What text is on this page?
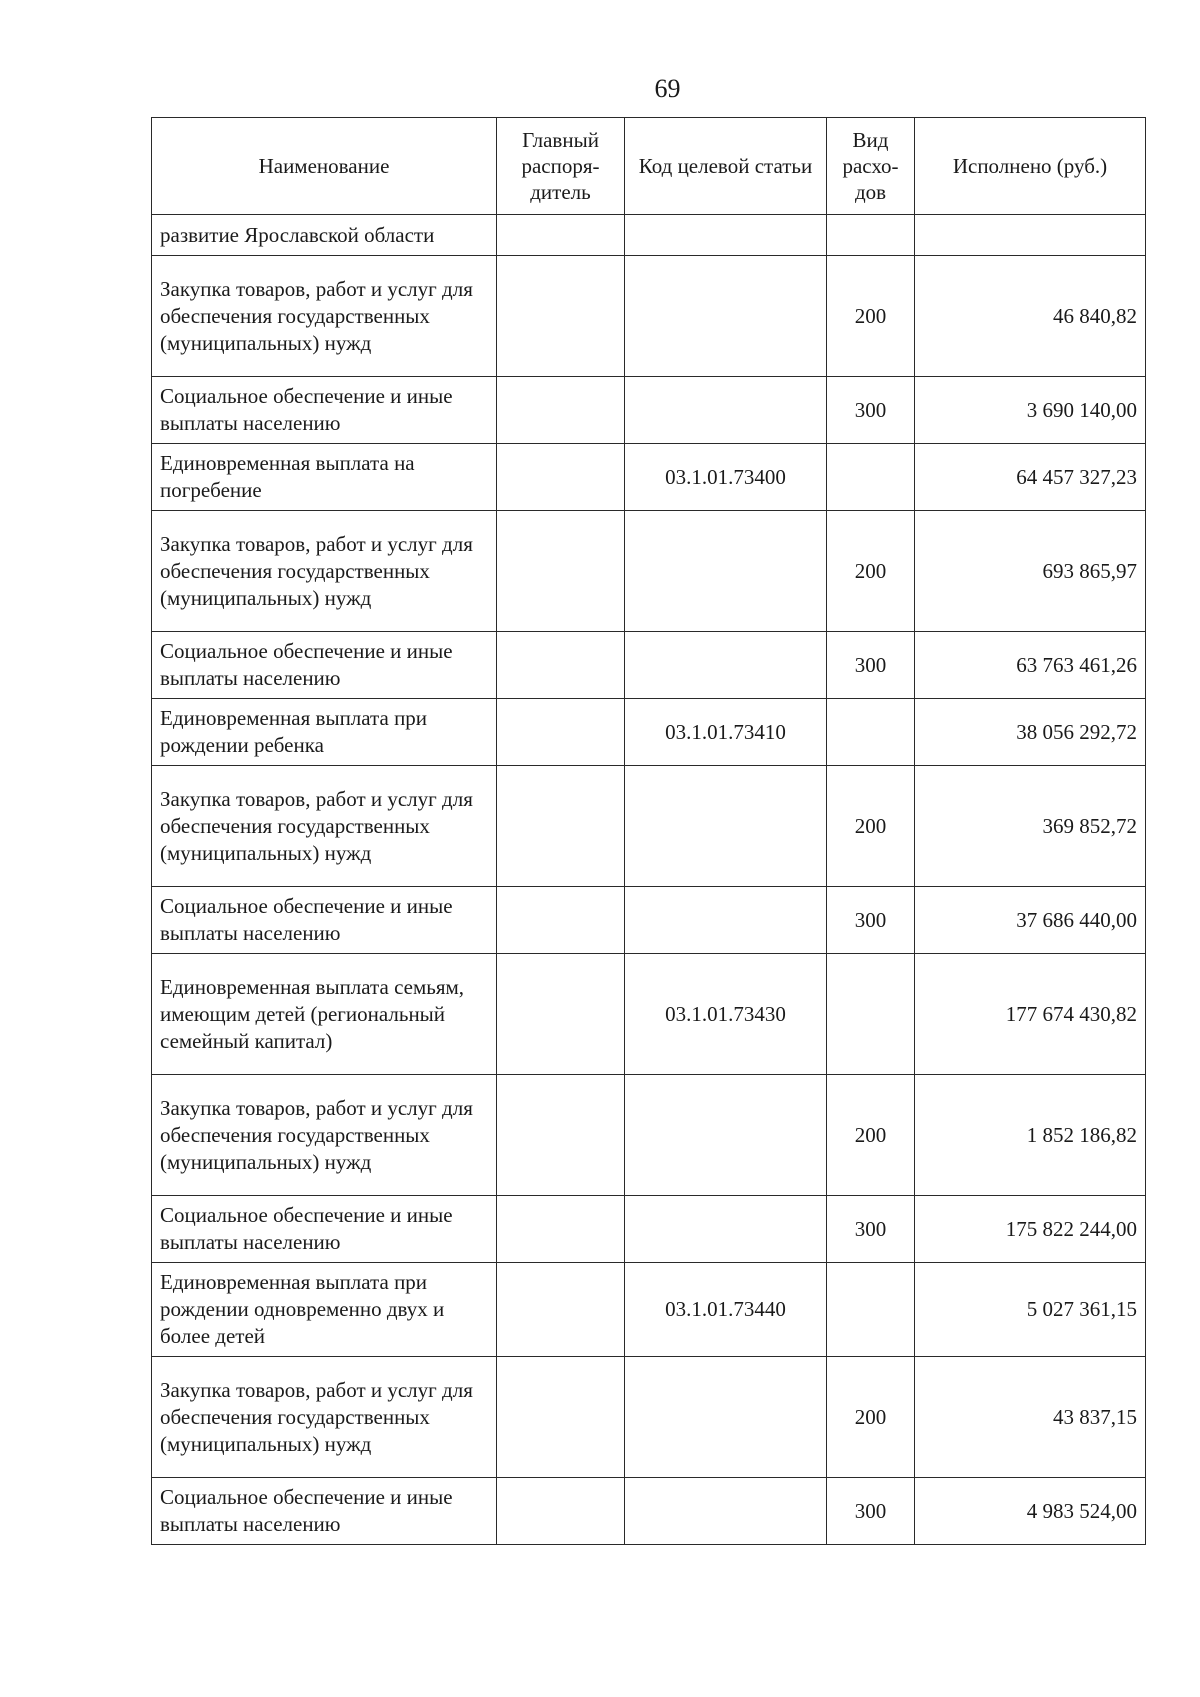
69
Наименование	Главный распоря-дитель	Код целевой статьи	Вид расхо-дов	Исполнено (руб.)
развитие Ярославской области				
Закупка товаров, работ и услуг для обеспечения государственных (муниципальных) нужд			200	46 840,82
Социальное обеспечение и иные выплаты населению			300	3 690 140,00
Единовременная выплата на погребение		03.1.01.73400		64 457 327,23
Закупка товаров, работ и услуг для обеспечения государственных (муниципальных) нужд			200	693 865,97
Социальное обеспечение и иные выплаты населению			300	63 763 461,26
Единовременная выплата при рождении ребенка		03.1.01.73410		38 056 292,72
Закупка товаров, работ и услуг для обеспечения государственных (муниципальных) нужд			200	369 852,72
Социальное обеспечение и иные выплаты населению			300	37 686 440,00
Единовременная выплата семьям, имеющим детей (региональный семейный капитал)		03.1.01.73430		177 674 430,82
Закупка товаров, работ и услуг для обеспечения государственных (муниципальных) нужд			200	1 852 186,82
Социальное обеспечение и иные выплаты населению			300	175 822 244,00
Единовременная выплата при рождении одновременно двух и более детей		03.1.01.73440		5 027 361,15
Закупка товаров, работ и услуг для обеспечения государственных (муниципальных) нужд			200	43 837,15
Социальное обеспечение и иные выплаты населению			300	4 983 524,00
